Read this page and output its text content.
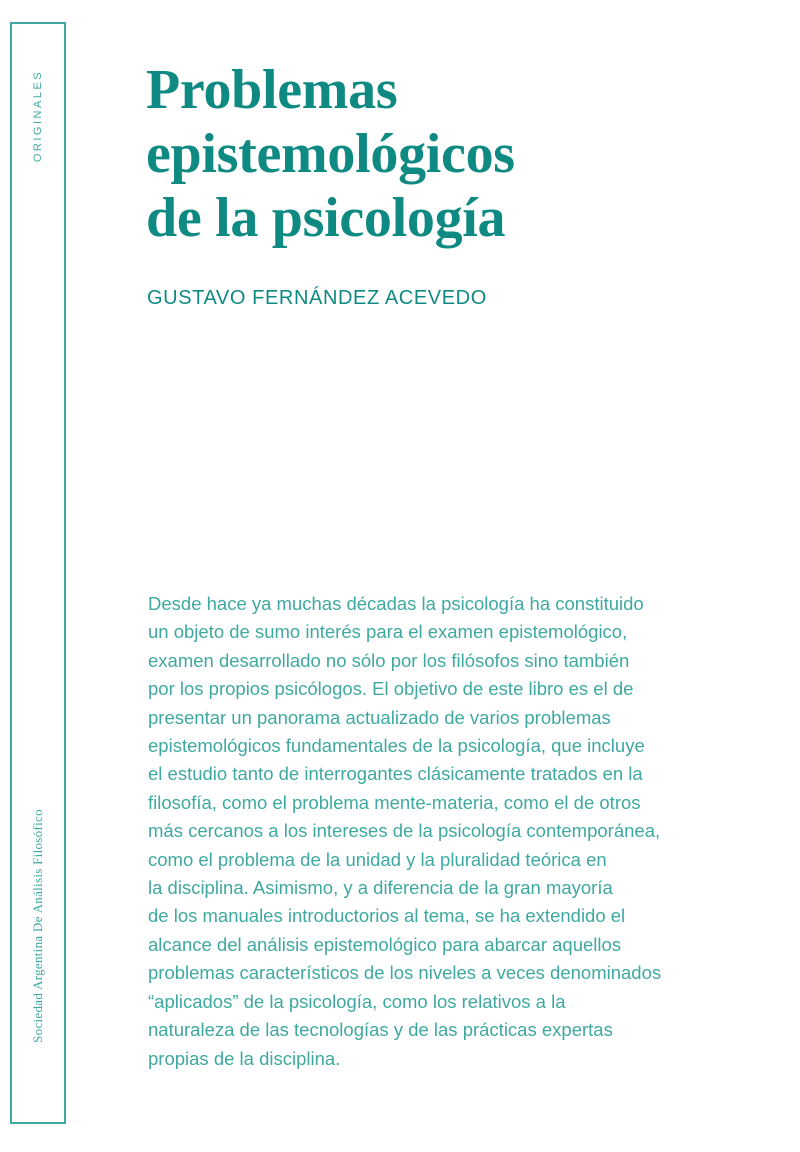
ORIGINALES
Sociedad Argentina De Análisis Filosófico
Problemas
epistemológicos
de la psicología

GUSTAVO FERNÁNDEZ ACEVEDO

Desde hace ya muchas décadas la psicología ha constituido
un objeto de sumo interés para el examen epistemológico,
examen desarrollado no sólo por los filósofos sino también
por los propios psicólogos. El objetivo de este libro es el de
presentar un panorama actualizado de varios problemas
epistemológicos fundamentales de la psicología, que incluye
el estudio tanto de interrogantes clásicamente tratados en la
filosofía, como el problema mente-materia, como el de otros
más cercanos a los intereses de la psicología contemporánea,
como el problema de la unidad y la pluralidad teórica en
la disciplina. Asimismo, y a diferencia de la gran mayoría
de los manuales introductorios al tema, se ha extendido el
alcance del análisis epistemológico para abarcar aquellos
problemas característicos de los niveles a veces denominados
“aplicados” de la psicología, como los relativos a la
naturaleza de las tecnologías y de las prácticas expertas
propias de la disciplina.
